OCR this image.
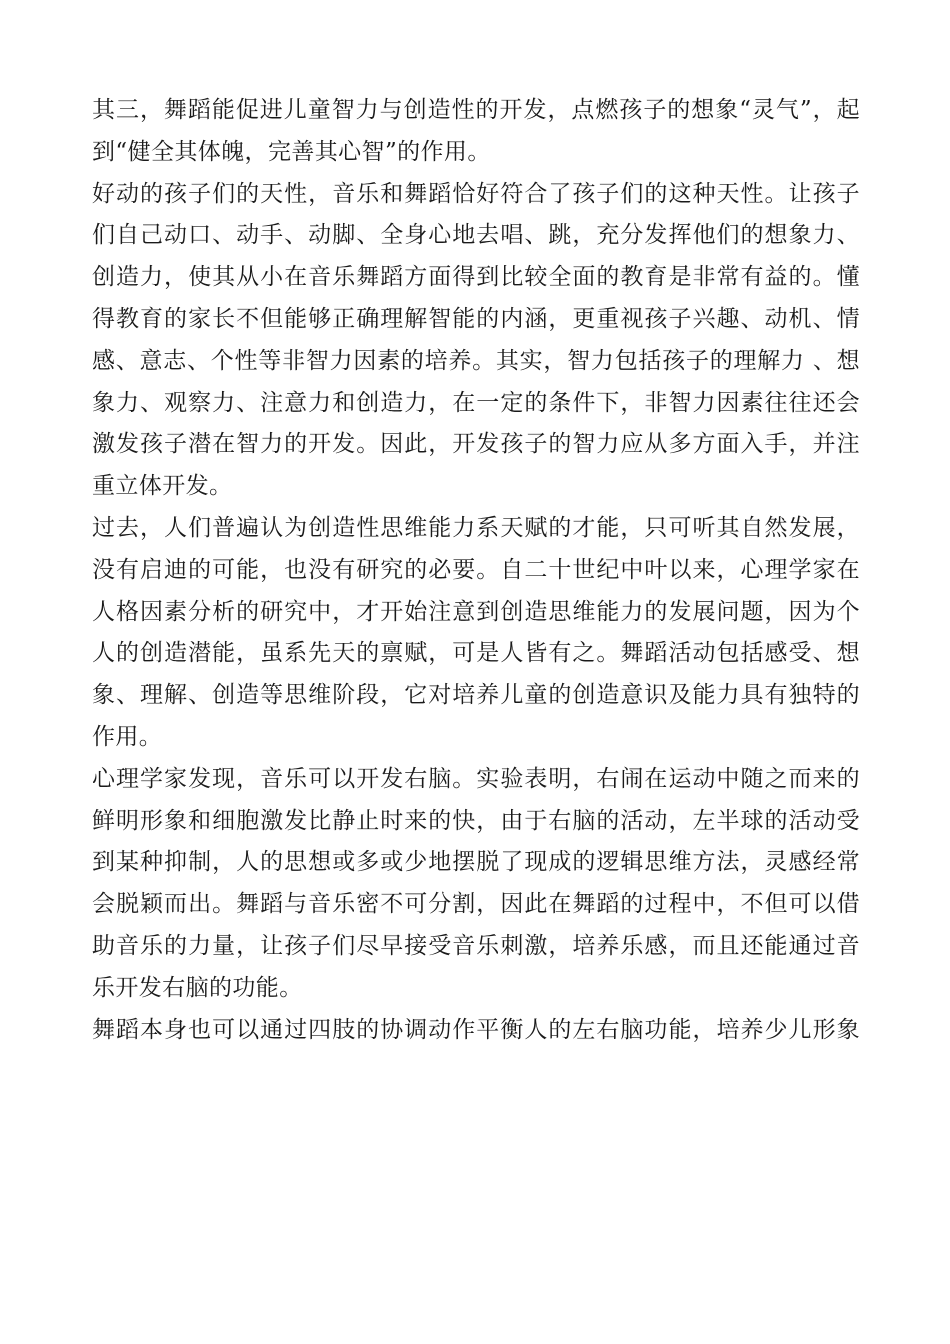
其三，舞蹈能促进儿童智力与创造性的开发，点燃孩子的想象“灵气”，起
到“健全其体魄，完善其心智”的作用。
好动的孩子们的天性，音乐和舞蹈恰好符合了孩子们的这种天性。让孩子
们自己动口、动手、动脚、全身心地去唱、跳，充分发挥他们的想象力、
创造力，使其从小在音乐舞蹈方面得到比较全面的教育是非常有益的。懂
得教育的家长不但能够正确理解智能的内涵，更重视孩子兴趣、动机、情
感、意志、个性等非智力因素的培养。其实，智力包括孩子的理解力 、想
象力、观察力、注意力和创造力，在一定的条件下，非智力因素往往还会
激发孩子潜在智力的开发。因此，开发孩子的智力应从多方面入手，并注
重立体开发。
过去，人们普遍认为创造性思维能力系天赋的才能，只可听其自然发展，
没有启迪的可能，也没有研究的必要。自二十世纪中叶以来，心理学家在
人格因素分析的研究中，才开始注意到创造思维能力的发展问题，因为个
人的创造潜能，虽系先天的禀赋，可是人皆有之。舞蹈活动包括感受、想
象、理解、创造等思维阶段，它对培养儿童的创造意识及能力具有独特的
作用。
心理学家发现，音乐可以开发右脑。实验表明，右闹在运动中随之而来的
鲜明形象和细胞激发比静止时来的快，由于右脑的活动，左半球的活动受
到某种抑制，人的思想或多或少地摆脱了现成的逻辑思维方法，灵感经常
会脱颖而出。舞蹈与音乐密不可分割，因此在舞蹈的过程中，不但可以借
助音乐的力量，让孩子们尽早接受音乐刺激，培养乐感，而且还能通过音
乐开发右脑的功能。
舞蹈本身也可以通过四肢的协调动作平衡人的左右脑功能，培养少儿形象
